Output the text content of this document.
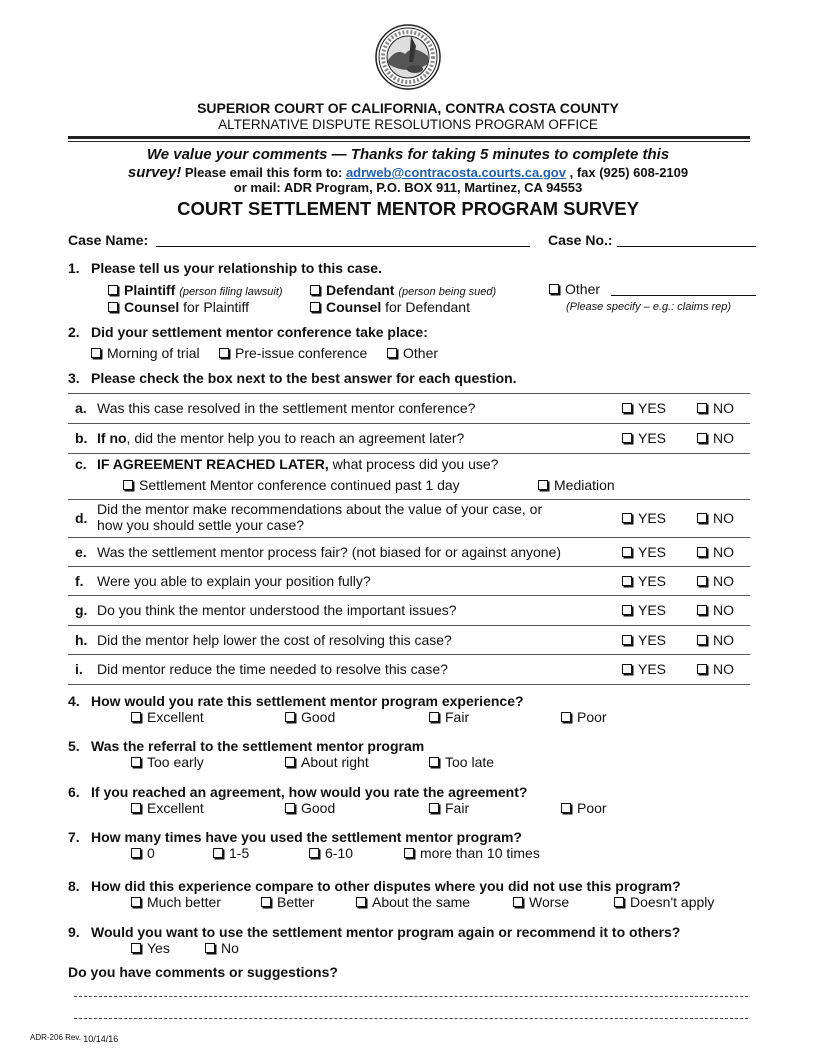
SUPERIOR COURT OF CALIFORNIA, CONTRA COSTA COUNTY
ALTERNATIVE DISPUTE RESOLUTIONS PROGRAM OFFICE
We value your comments — Thanks for taking 5 minutes to complete this
survey! Please email this form to: adrweb@contracosta.courts.ca.gov , fax (925) 608-2109
or mail: ADR Program, P.O. BOX 911, Martinez, CA 94553
COURT SETTLEMENT MENTOR PROGRAM SURVEY
Case Name:	Case No.:
1. Please tell us your relationship to this case.
Plaintiff (person filing lawsuit)	Defendant (person being sued)	Other
Counsel for Plaintiff	Counsel for Defendant	(Please specify – e.g.: claims rep)
2. Did your settlement mentor conference take place:
Morning of trial	Pre-issue conference	Other
3. Please check the box next to the best answer for each question.
a. Was this case resolved in the settlement mentor conference?	YES	NO
b. If no, did the mentor help you to reach an agreement later?	YES	NO
c. IF AGREEMENT REACHED LATER, what process did you use?
Settlement Mentor conference continued past 1 day	Mediation
d.
Did the mentor make recommendations about the value of your case, or
how you should settle your case?	YES	NO
e. Was the settlement mentor process fair? (not biased for or against anyone)	YES	NO
f. Were you able to explain your position fully?	YES	NO
g. Do you think the mentor understood the important issues?	YES	NO
h. Did the mentor help lower the cost of resolving this case?	YES	NO
i. Did mentor reduce the time needed to resolve this case?	YES	NO
4. How would you rate this settlement mentor program experience?
Excellent	Good	Fair	Poor
5. Was the referral to the settlement mentor program
Too early	About right	Too late
6. If you reached an agreement, how would you rate the agreement?
Excellent	Good	Fair	Poor
7. How many times have you used the settlement mentor program?
0	1-5	6-10	more than 10 times
8. How did this experience compare to other disputes where you did not use this program?
Much better	Better	About the same	Worse	Doesn't apply
9. Would you want to use the settlement mentor program again or recommend it to others?
Yes	No
Do you have comments or suggestions?
ADR-206 Rev. 10/14/16
